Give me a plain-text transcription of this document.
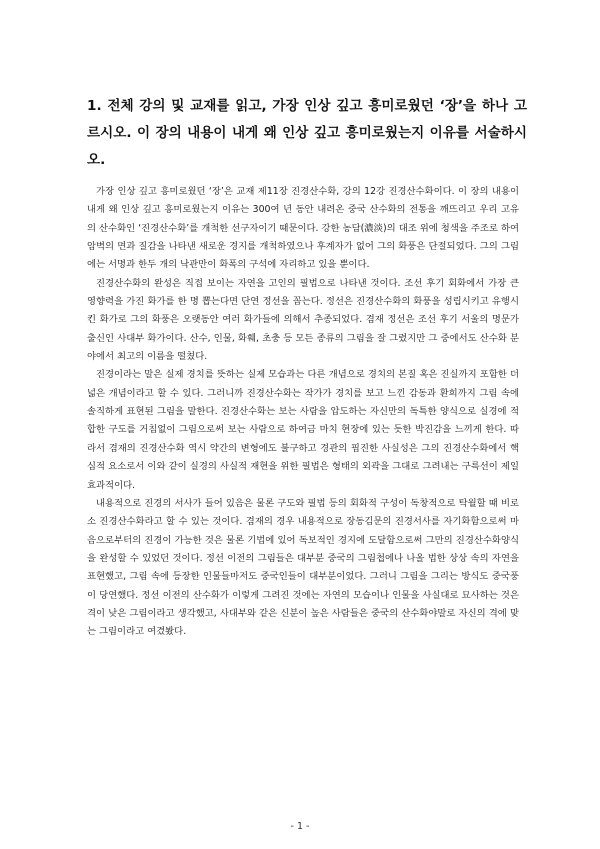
1. 전체 강의 및 교재를 읽고, 가장 인상 깊고 흥미로웠던 ‘장’을 하나 고르시오. 이 장의 내용이 내게 왜 인상 깊고 흥미로웠는지 이유를 서술하시오.

가장 인상 깊고 흥미로웠던 ‘장’은 교재 제11장 진경산수화, 강의 12강 진경산수화이다. 이 장의 내용이 내게 왜 인상 깊고 흥미로웠는지 이유는 300여 년 동안 내려온 중국 산수화의 전통을 깨뜨리고 우리 고유의 산수화인 ‘진경산수화’를 개척한 선구자이기 때문이다. 강한 농담(濃淡)의 대조 위에 청색을 주조로 하여 암벽의 면과 질감을 나타낸 새로운 경지를 개척하였으나 후계자가 없어 그의 화풍은 단절되었다. 그의 그림에는 서명과 한두 개의 낙관만이 화폭의 구석에 자리하고 있을 뿐이다.

진경산수화의 완성은 직접 보이는 자연을 고인의 필법으로 나타낸 것이다. 조선 후기 회화에서 가장 큰 영향력을 가진 화가를 한 명 뽑는다면 단연 정선을 꼽는다. 정선은 진경산수화의 화풍을 성립시키고 유행시킨 화가로 그의 화풍은 오랫동안 여러 화가들에 의해서 추종되었다. 겸재 정선은 조선 후기 서울의 명문가 출신인 사대부 화가이다. 산수, 인물, 화훼, 초충 등 모든 종류의 그림을 잘 그렸지만 그 중에서도 산수화 분야에서 최고의 이름을 떨쳤다.

진경이라는 말은 실제 경치를 뜻하는 실제 모습과는 다른 개념으로 경치의 본질 혹은 진실까지 포함한 더 넓은 개념이라고 할 수 있다. 그러니까 진경산수화는 작가가 경치를 보고 느낀 감동과 환희까지 그림 속에 솔직하게 표현된 그림을 말한다. 진경산수화는 보는 사람을 압도하는 자신만의 독특한 양식으로 실경에 적합한 구도를 거침없이 그림으로써 보는 사람으로 하여금 마치 현장에 있는 듯한 박진감을 느끼게 한다. 따라서 겸재의 진경산수화 역시 약간의 변형에도 불구하고 경관의 핍진한 사실성은 그의 진경산수화에서 핵심적 요소로서 이와 같이 실경의 사실적 재현을 위한 필법은 형태의 외곽을 그대로 그려내는 구륵선이 제일 효과적이다.

내용적으로 진경의 서사가 들어 있음은 물론 구도와 필법 등의 회화적 구성이 독창적으로 탁월할 때 비로소 진경산수화라고 할 수 있는 것이다. 겸재의 경우 내용적으로 장동김문의 진경서사를 자기화함으로써 마음으로부터의 진경이 가능한 것은 물론 기법에 있어 독보적인 경지에 도달함으로써 그만의 진경산수화양식을 완성할 수 있었던 것이다. 정선 이전의 그림들은 대부분 중국의 그림첩에나 나올 법한 상상 속의 자연을 표현했고, 그림 속에 등장한 인물들마저도 중국인들이 대부분이었다. 그러니 그림을 그리는 방식도 중국풍이 당연했다. 정선 이전의 산수화가 이렇게 그려진 것에는 자연의 모습이나 인물을 사실대로 묘사하는 것은 격이 낮은 그림이라고 생각했고, 사대부와 같은 신분이 높은 사람들은 중국의 산수화야말로 자신의 격에 맞는 그림이라고 여겼봤다.

- 1 -
